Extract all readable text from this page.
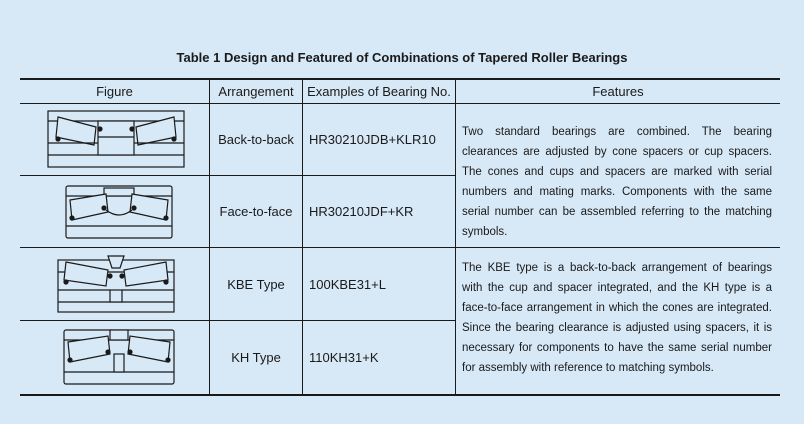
Table 1 Design and Featured of Combinations of Tapered Roller Bearings
Figure	Arrangement	Examples of Bearing No.	Features
Back-to-back	HR30210JDB+KLR10
Face-to-face	HR30210JDF+KR
KBE Type	100KBE31+L
KH Type	110KH31+K
Two standard bearings are combined. The bearing clearances are adjusted by cone spacers or cup spacers. The cones and cups and spacers are marked with serial numbers and mating marks. Components with the same serial number can be assembled referring to the matching symbols.
The KBE type is a back-to-back arrangement of bearings with the cup and spacer integrated, and the KH type is a face-to-face arrangement in which the cones are integrated. Since the bearing clearance is adjusted using spacers, it is necessary for components to have the same serial number for assembly with reference to matching symbols.
